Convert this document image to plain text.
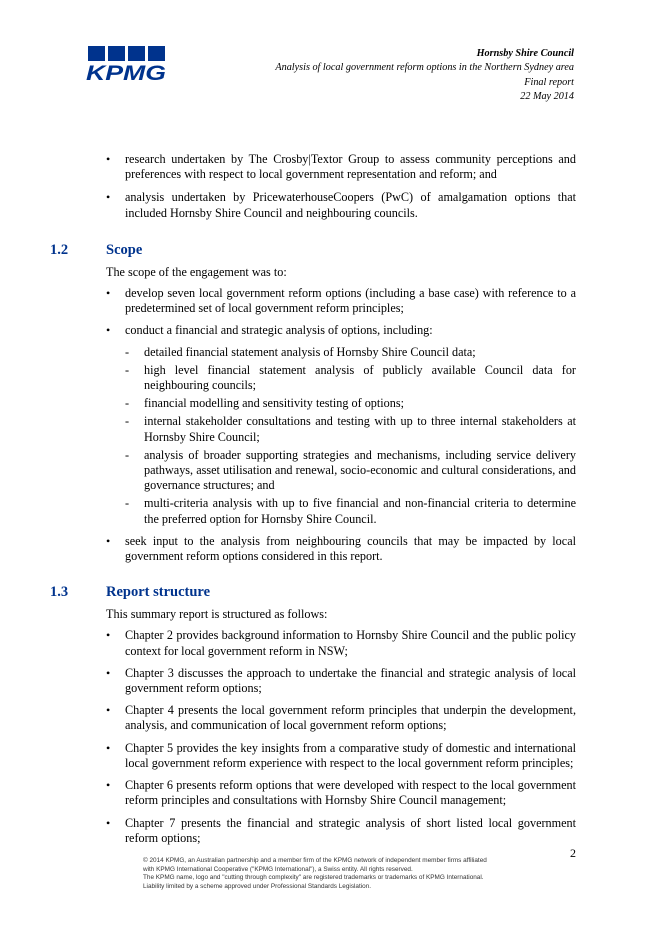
KPMG
Hornsby Shire Council
Analysis of local government reform options in the Northern Sydney area
Final report
22 May 2014
• research undertaken by The Crosby|Textor Group to assess community perceptions and preferences with respect to local government representation and reform; and
• analysis undertaken by PricewaterhouseCoopers (PwC) of amalgamation options that included Hornsby Shire Council and neighbouring councils.
1.2	Scope
The scope of the engagement was to:
• develop seven local government reform options (including a base case) with reference to a predetermined set of local government reform principles;
• conduct a financial and strategic analysis of options, including:
- detailed financial statement analysis of Hornsby Shire Council data;
- high level financial statement analysis of publicly available Council data for neighbouring councils;
- financial modelling and sensitivity testing of options;
- internal stakeholder consultations and testing with up to three internal stakeholders at Hornsby Shire Council;
- analysis of broader supporting strategies and mechanisms, including service delivery pathways, asset utilisation and renewal, socio-economic and cultural considerations, and governance structures; and
- multi-criteria analysis with up to five financial and non-financial criteria to determine the preferred option for Hornsby Shire Council.
• seek input to the analysis from neighbouring councils that may be impacted by local government reform options considered in this report.
1.3	Report structure
This summary report is structured as follows:
• Chapter 2 provides background information to Hornsby Shire Council and the public policy context for local government reform in NSW;
• Chapter 3 discusses the approach to undertake the financial and strategic analysis of local government reform options;
• Chapter 4 presents the local government reform principles that underpin the development, analysis, and communication of local government reform options;
• Chapter 5 provides the key insights from a comparative study of domestic and international local government reform experience with respect to the local government reform principles;
• Chapter 6 presents reform options that were developed with respect to the local government reform principles and consultations with Hornsby Shire Council management;
• Chapter 7 presents the financial and strategic analysis of short listed local government reform options;
2
© 2014 KPMG, an Australian partnership and a member firm of the KPMG network of independent member firms affiliated
with KPMG International Cooperative ("KPMG International"), a Swiss entity. All rights reserved.
The KPMG name, logo and "cutting through complexity" are registered trademarks or trademarks of KPMG International.
Liability limited by a scheme approved under Professional Standards Legislation.
